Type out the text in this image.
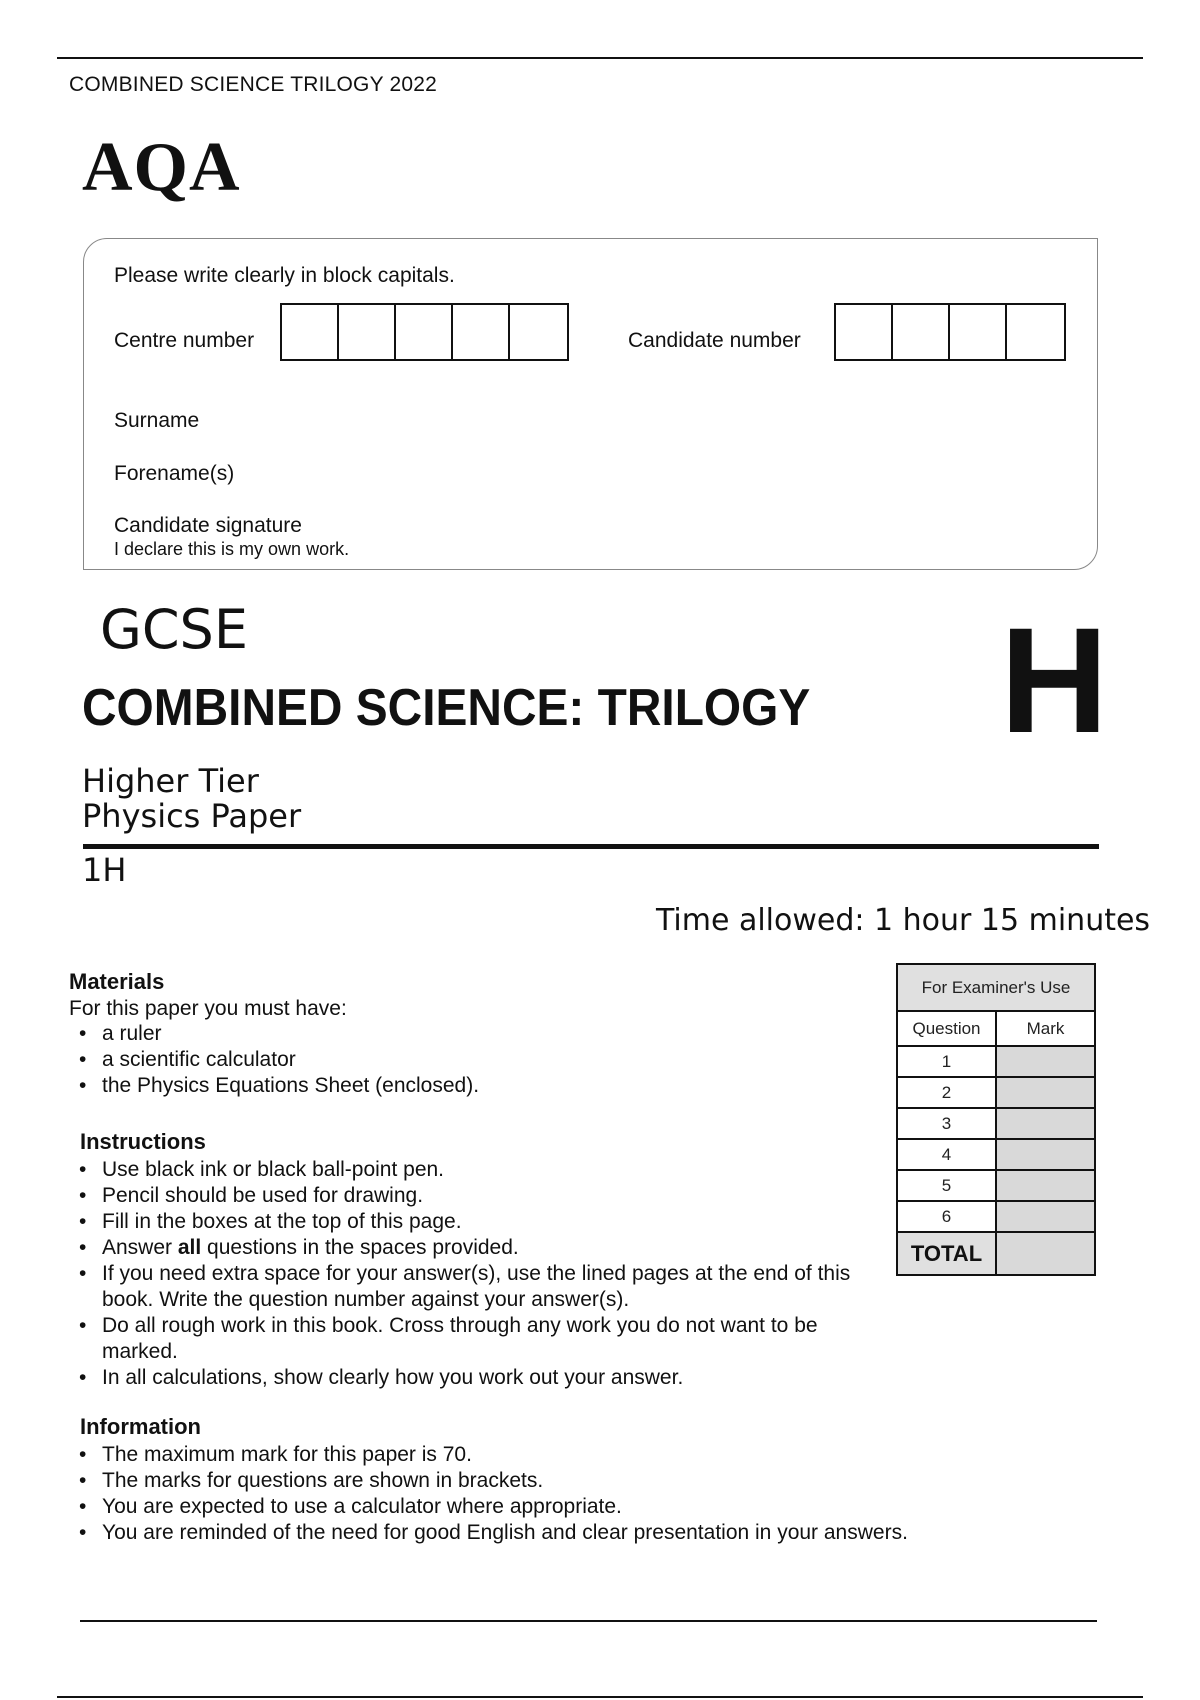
COMBINED SCIENCE TRILOGY 2022
AQA
Please write clearly in block capitals.
Centre number	Candidate number
Surname
Forename(s)
Candidate signature
I declare this is my own work.
GCSE
COMBINED SCIENCE: TRILOGY H
Higher Tier
Physics Paper
1H
Time allowed: 1 hour 15 minutes
Materials
For this paper you must have:
• a ruler
• a scientific calculator
• the Physics Equations Sheet (enclosed).
Instructions
• Use black ink or black ball-point pen.
• Pencil should be used for drawing.
• Fill in the boxes at the top of this page.
• Answer all questions in the spaces provided.
• If you need extra space for your answer(s), use the lined pages at the end of this book. Write the question number against your answer(s).
• Do all rough work in this book. Cross through any work you do not want to be marked.
• In all calculations, show clearly how you work out your answer.
Information
• The maximum mark for this paper is 70.
• The marks for questions are shown in brackets.
• You are expected to use a calculator where appropriate.
• You are reminded of the need for good English and clear presentation in your answers.
For Examiner's Use	
Question	Mark
1	
2	
3	
4	
5	
6	
TOTAL	
